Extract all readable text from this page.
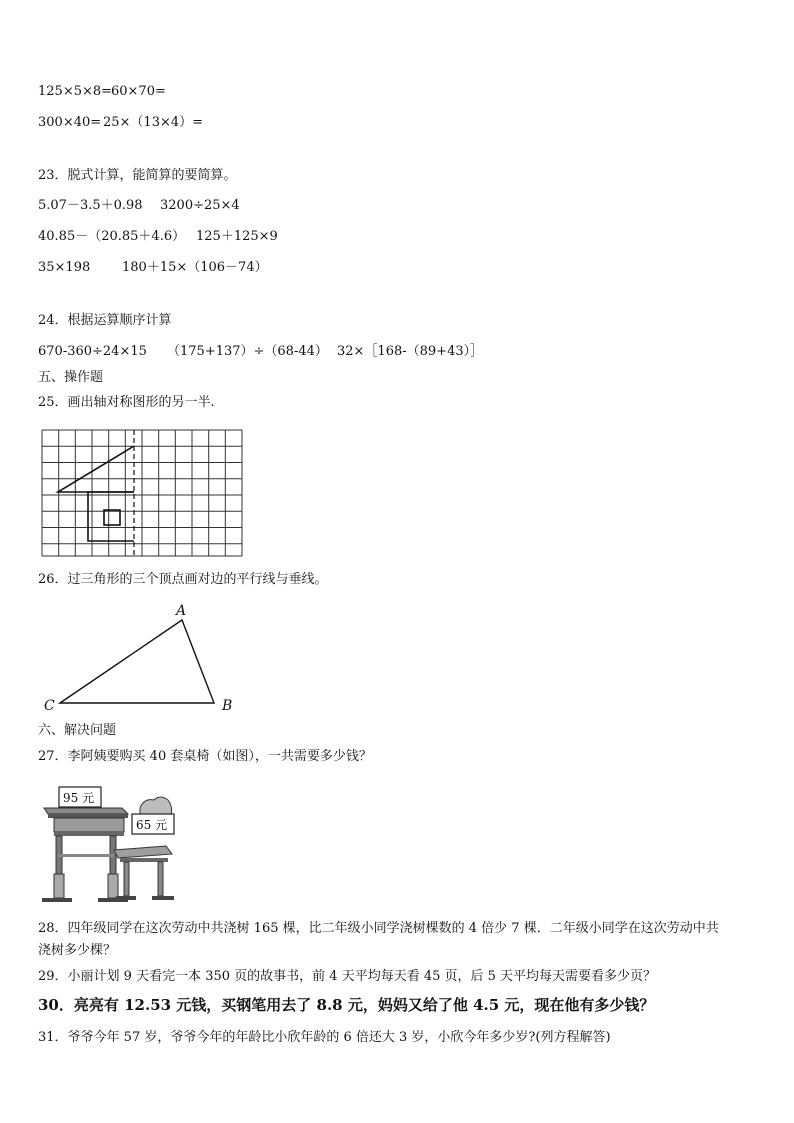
125×5×8=
60×70=
300×40= 25×（13×4）=
23．脱式计算，能简算的要简算。
5.07－3.5＋0.98 3200÷25×4
40.85－（20.85＋4.6） 125＋125×9
35×198 180＋15×（106－74）
24．根据运算顺序计算
670-360÷24×15 （175+137）÷（68-44） 32×［168-（89+43）］
五、操作题
25．画出轴对称图形的另一半.
26．过三角形的三个顶点画对边的平行线与垂线。
A
B
C
六、解决问题
27．李阿姨要购买 40 套桌椅（如图），一共需要多少钱？
95 元
65 元
28．四年级同学在这次劳动中共浇树 165 棵，比二年级小同学浇树棵数的 4 倍少 7 棵．二年级小同学在这次劳动中共
浇树多少棵？
29．小丽计划 9 天看完一本 350 页的故事书，前 4 天平均每天看 45 页，后 5 天平均每天需要看多少页？
30．亮亮有 12.53 元钱，买钢笔用去了 8.8 元，妈妈又给了他 4.5 元，现在他有多少钱？
31．爷爷今年 57 岁，爷爷今年的年龄比小欣年龄的 6 倍还大 3 岁，小欣今年多少岁?(列方程解答)
